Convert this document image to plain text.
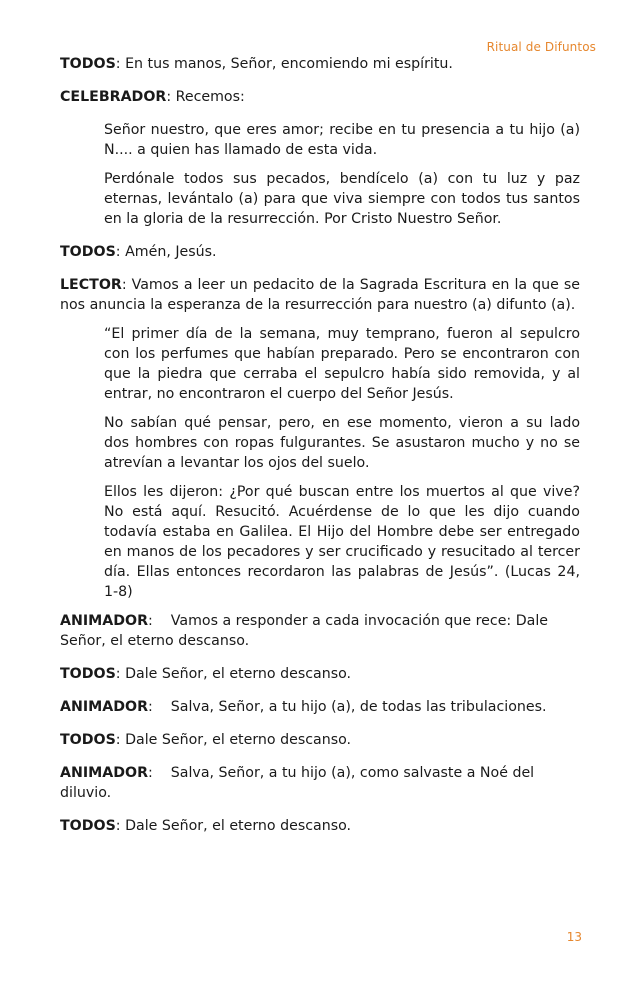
Ritual de Difuntos

TODOS: En tus manos, Señor, encomiendo mi espíritu.

CELEBRADOR: Recemos:

Señor nuestro, que eres amor; recibe en tu presencia a tu hijo (a) N.... a quien has llamado de esta vida.

Perdónale todos sus pecados, bendícelo (a) con tu luz y paz eternas, levántalo (a) para que viva siempre con todos tus santos en la gloria de la resurrección. Por Cristo Nuestro Señor.

TODOS: Amén, Jesús.

LECTOR: Vamos a leer un pedacito de la Sagrada Escritura en la que se nos anuncia la esperanza de la resurrección para nuestro (a) difunto (a).

“El primer día de la semana, muy temprano, fueron al sepulcro con los perfumes que habían preparado. Pero se encontraron con que la piedra que cerraba el sepulcro había sido removida, y al entrar, no encontraron el cuerpo del Señor Jesús.

No sabían qué pensar, pero, en ese momento, vieron a su lado dos hombres con ropas fulgurantes. Se asustaron mucho y no se atrevían a levantar los ojos del suelo.

Ellos les dijeron: ¿Por qué buscan entre los muertos al que vive? No está aquí. Resucitó. Acuérdense de lo que les dijo cuando todavía estaba en Galilea. El Hijo del Hombre debe ser entregado en manos de los pecadores y ser crucificado y resucitado al tercer día. Ellas entonces recordaron las palabras de Jesús”. (Lucas 24, 1-8)

ANIMADOR: Vamos a responder a cada invocación que rece: Dale Señor, el eterno descanso.

TODOS: Dale Señor, el eterno descanso.

ANIMADOR: Salva, Señor, a tu hijo (a), de todas las tribulaciones.

TODOS: Dale Señor, el eterno descanso.

ANIMADOR: Salva, Señor, a tu hijo (a), como salvaste a Noé del diluvio.

TODOS: Dale Señor, el eterno descanso.

13
